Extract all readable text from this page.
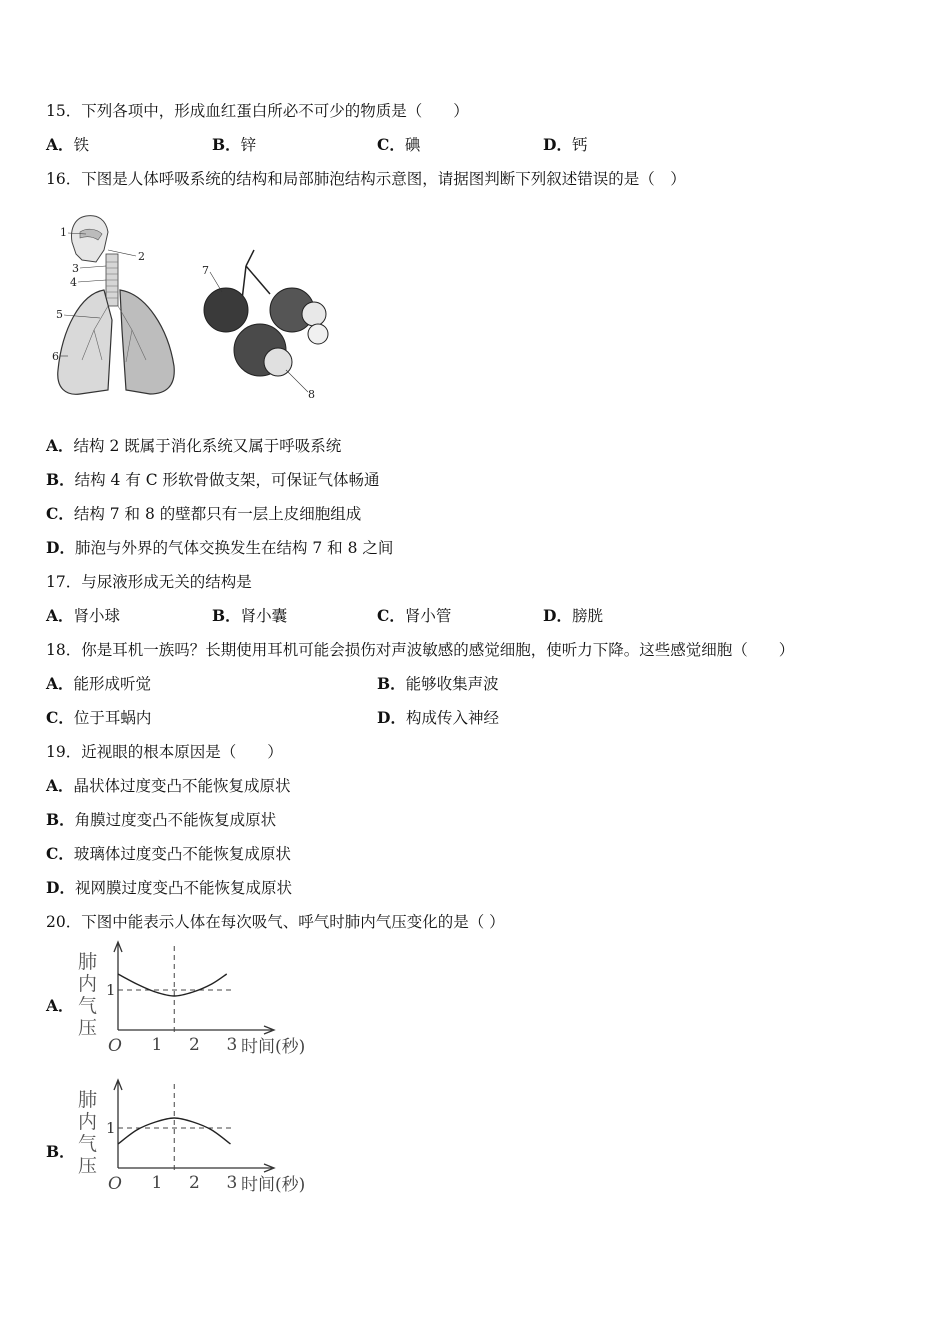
15．下列各项中，形成血红蛋白所必不可少的物质是（　　）
A．铁	B．锌	C．碘	D．钙
16．下图是人体呼吸系统的结构和局部肺泡结构示意图，请据图判断下列叙述错误的是（　）
1
2
3
4
5
6
7
8
A．结构 2 既属于消化系统又属于呼吸系统
B．结构 4 有 C 形软骨做支架，可保证气体畅通
C．结构 7 和 8 的壁都只有一层上皮细胞组成
D．肺泡与外界的气体交换发生在结构 7 和 8 之间
17．与尿液形成无关的结构是
A．肾小球	B．肾小囊	C．肾小管	D．膀胱
18．你是耳机一族吗？长期使用耳机可能会损伤对声波敏感的感觉细胞，使听力下降。这些感觉细胞（　　）
A．能形成听觉	B．能够收集声波
C．位于耳蜗内	D．构成传入神经
19．近视眼的根本原因是（　　）
A．晶状体过度变凸不能恢复成原状
B．角膜过度变凸不能恢复成原状
C．玻璃体过度变凸不能恢复成原状
D．视网膜过度变凸不能恢复成原状
20．下图中能表示人体在每次吸气、呼气时肺内气压变化的是（ ）
A．
B．
肺
内
气
压
1
O 1 2 3 时间(秒)
肺
内
气
压
1
O 1 2 3 时间(秒)
